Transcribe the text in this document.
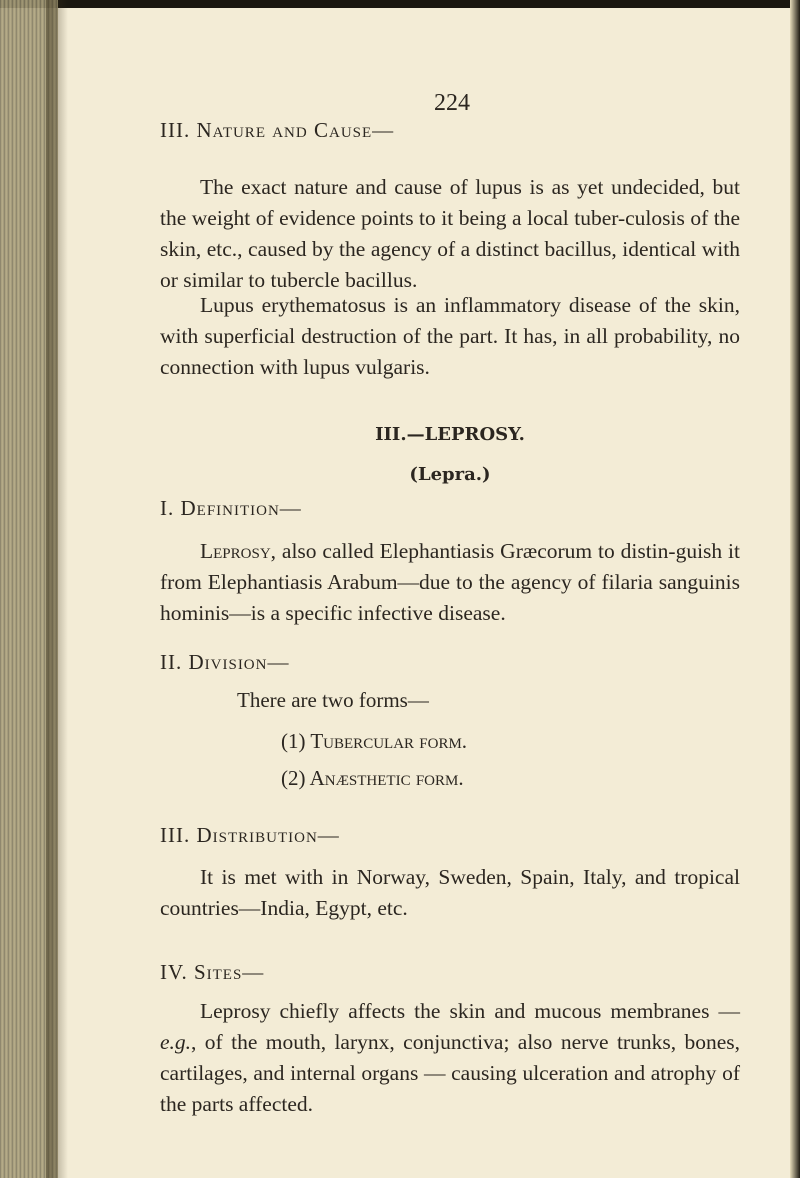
224
III. Nature and Cause—

The exact nature and cause of lupus is as yet undecided, but the weight of evidence points to it being a local tuber-culosis of the skin, etc., caused by the agency of a distinct bacillus, identical with or similar to tubercle bacillus.

Lupus erythematosus is an inflammatory disease of the skin, with superficial destruction of the part. It has, in all probability, no connection with lupus vulgaris.

III.—LEPROSY.
(Lepra.)
I. Definition—

Leprosy, also called Elephantiasis Græcorum to distin-guish it from Elephantiasis Arabum—due to the agency of filaria sanguinis hominis—is a specific infective disease.

II. Division—
There are two forms—
(1) Tubercular form.
(2) Anæsthetic form.
III. Distribution—

It is met with in Norway, Sweden, Spain, Italy, and tropical countries—India, Egypt, etc.

IV. Sites—

Leprosy chiefly affects the skin and mucous membranes —e.g., of the mouth, larynx, conjunctiva; also nerve trunks, bones, cartilages, and internal organs — causing ulceration and atrophy of the parts affected.
